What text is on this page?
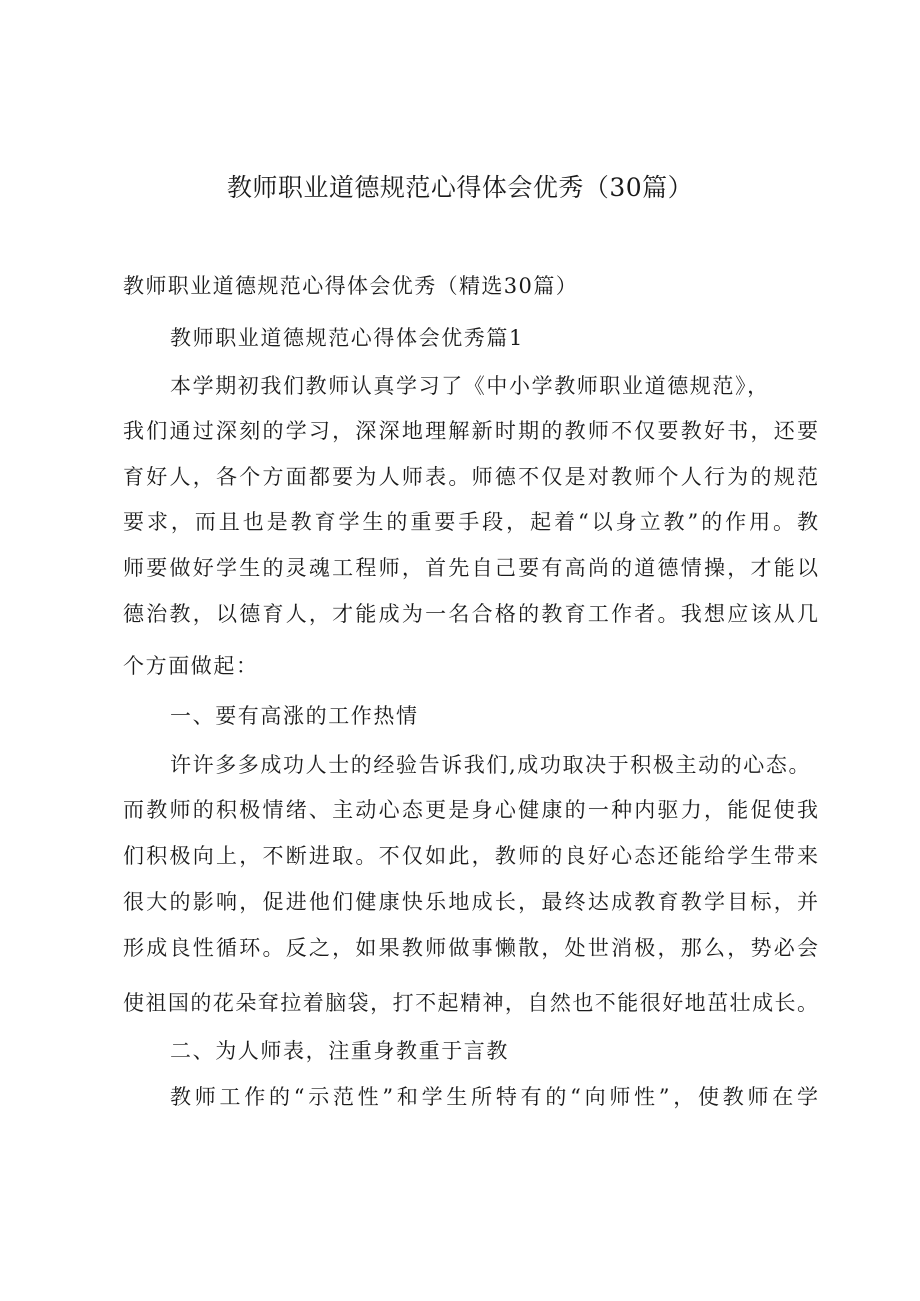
教师职业道德规范心得体会优秀（30篇）
教师职业道德规范心得体会优秀（精选30篇）
教师职业道德规范心得体会优秀篇1
本学期初我们教师认真学习了《中小学教师职业道德规范》，
我们通过深刻的学习，深深地理解新时期的教师不仅要教好书，还要
育好人，各个方面都要为人师表。师德不仅是对教师个人行为的规范
要求，而且也是教育学生的重要手段，起着“以身立教”的作用。教
师要做好学生的灵魂工程师，首先自己要有高尚的道德情操，才能以
德治教，以德育人，才能成为一名合格的教育工作者。我想应该从几
个方面做起：
一、要有高涨的工作热情
许许多多成功人士的经验告诉我们,成功取决于积极主动的心态。
而教师的积极情绪、主动心态更是身心健康的一种内驱力，能促使我
们积极向上，不断进取。不仅如此，教师的良好心态还能给学生带来
很大的影响，促进他们健康快乐地成长，最终达成教育教学目标，并
形成良性循环。反之，如果教师做事懒散，处世消极，那么，势必会
使祖国的花朵耷拉着脑袋，打不起精神，自然也不能很好地茁壮成长。
二、为人师表，注重身教重于言教
教师工作的“示范性”和学生所特有的“向师性”，使教师在学
